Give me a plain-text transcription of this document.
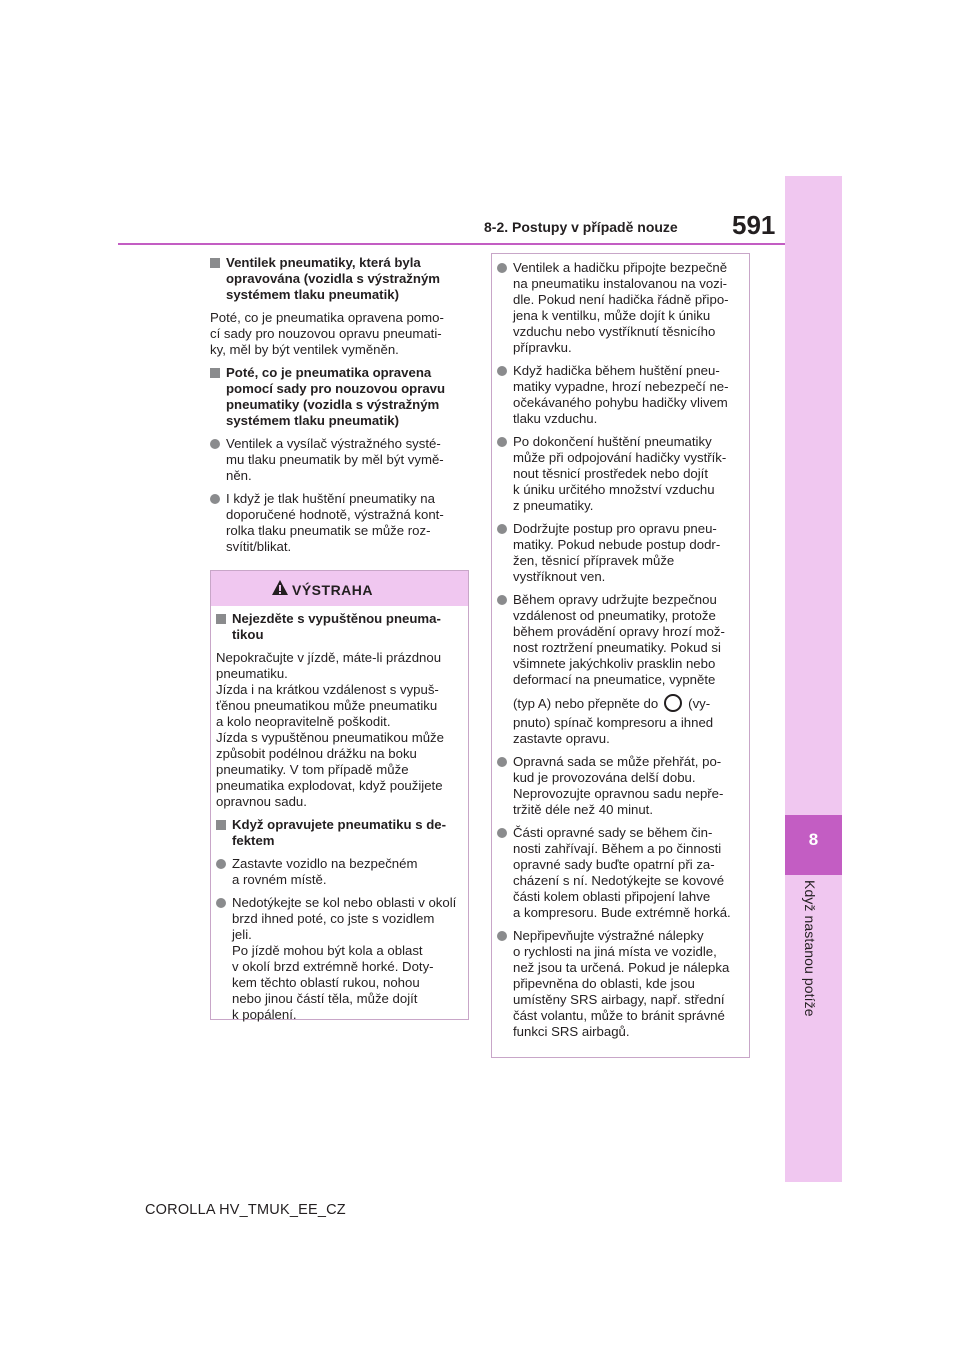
8
Když nastanou potíže
8-2. Postupy v případě nouze 591
Ventilek pneumatiky, která byla
opravována (vozidla s výstražným
systémem tlaku pneumatik)
Poté, co je pneumatika opravena pomo-
cí sady pro nouzovou opravu pneumati-
ky, měl by být ventilek vyměněn.
Poté, co je pneumatika opravena
pomocí sady pro nouzovou opravu
pneumatiky (vozidla s výstražným
systémem tlaku pneumatik)
Ventilek a vysílač výstražného systé-
mu tlaku pneumatik by měl být vymě-
něn.
I když je tlak huštění pneumatiky na
doporučené hodnotě, výstražná kont-
rolka tlaku pneumatik se může roz-
svítit/blikat.
VÝSTRAHA
Nejezděte s vypuštěnou pneuma-
tikou
Nepokračujte v jízdě, máte-li prázdnou
pneumatiku.
Jízda i na krátkou vzdálenost s vypuš-
ťěnou pneumatikou může pneumatiku
a kolo neopravitelně poškodit.
Jízda s vypuštěnou pneumatikou může
způsobit podélnou drážku na boku
pneumatiky. V tom případě může
pneumatika explodovat, když použijete
opravnou sadu.
Když opravujete pneumatiku s de-
fektem
Zastavte vozidlo na bezpečném
a rovném místě.
Nedotýkejte se kol nebo oblasti v okolí
brzd ihned poté, co jste s vozidlem
jeli.
Po jízdě mohou být kola a oblast
v okolí brzd extrémně horké. Doty-
kem těchto oblastí rukou, nohou
nebo jinou částí těla, může dojít
k popálení.
Ventilek a hadičku připojte bezpečně
na pneumatiku instalovanou na vozi-
dle. Pokud není hadička řádně připo-
jena k ventilku, může dojít k úniku
vzduchu nebo vystříknutí těsnicího
přípravku.
Když hadička během huštění pneu-
matiky vypadne, hrozí nebezpečí ne-
očekávaného pohybu hadičky vlivem
tlaku vzduchu.
Po dokončení huštění pneumatiky
může při odpojování hadičky vystřík-
nout těsnicí prostředek nebo dojít
k úniku určitého množství vzduchu
z pneumatiky.
Dodržujte postup pro opravu pneu-
matiky. Pokud nebude postup dodr-
žen, těsnicí přípravek může
vystříknout ven.
Během opravy udržujte bezpečnou
vzdálenost od pneumatiky, protože
během provádění opravy hrozí mož-
nost roztržení pneumatiky. Pokud si
všimnete jakýchkoliv prasklin nebo
deformací na pneumatice, vypněte
(typ A) nebo přepněte do (vy-
pnuto) spínač kompresoru a ihned
zastavte opravu.
Opravná sada se může přehřát, po-
kud je provozována delší dobu.
Neprovozujte opravnou sadu nepře-
tržitě déle než 40 minut.
Části opravné sady se během čin-
nosti zahřívají. Během a po činnosti
opravné sady buďte opatrní při za-
cházení s ní. Nedotýkejte se kovové
části kolem oblasti připojení lahve
a kompresoru. Bude extrémně horká.
Nepřipevňujte výstražné nálepky
o rychlosti na jiná místa ve vozidle,
než jsou ta určená. Pokud je nálepka
připevněna do oblasti, kde jsou
umístěny SRS airbagy, např. střední
část volantu, může to bránit správné
funkci SRS airbagů.
COROLLA HV_TMUK_EE_CZ
